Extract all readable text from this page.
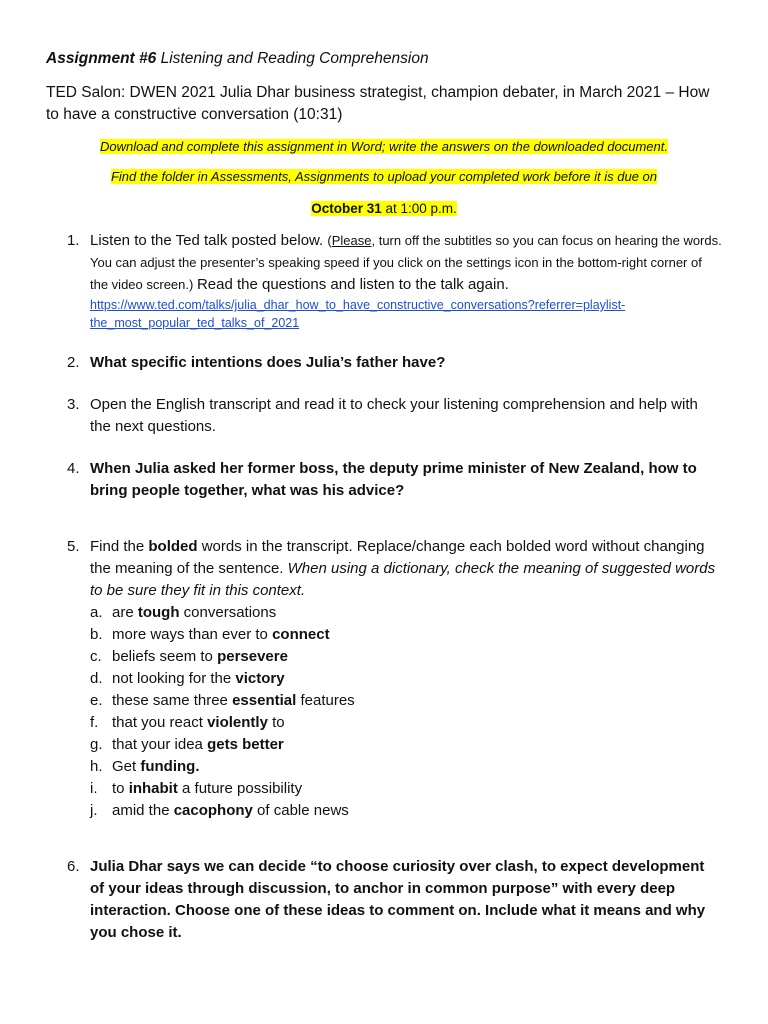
Assignment #6 Listening and Reading Comprehension

TED Salon: DWEN 2021 Julia Dhar business strategist, champion debater, in March 2021 – How to have a constructive conversation (10:31)

Download and complete this assignment in Word; write the answers on the downloaded document.

Find the folder in Assessments, Assignments to upload your completed work before it is due on

October 31 at 1:00 p.m.

1. Listen to the Ted talk posted below. (Please, turn off the subtitles so you can focus on hearing the words. You can adjust the presenter’s speaking speed if you click on the settings icon in the bottom-right corner of the video screen.) Read the questions and listen to the talk again.
https://www.ted.com/talks/julia_dhar_how_to_have_constructive_conversations?referrer=playlist-the_most_popular_ted_talks_of_2021
2. What specific intentions does Julia’s father have?
3. Open the English transcript and read it to check your listening comprehension and help with the next questions.
4. When Julia asked her former boss, the deputy prime minister of New Zealand, how to bring people together, what was his advice?
5. Find the bolded words in the transcript. Replace/change each bolded word without changing the meaning of the sentence. When using a dictionary, check the meaning of suggested words to be sure they fit in this context.
a. are tough conversations
b. more ways than ever to connect
c. beliefs seem to persevere
d. not looking for the victory
e. these same three essential features
f. that you react violently to
g. that your idea gets better
h. Get funding.
i. to inhabit a future possibility
j. amid the cacophony of cable news
6. Julia Dhar says we can decide “to choose curiosity over clash, to expect development of your ideas through discussion, to anchor in common purpose” with every deep interaction. Choose one of these ideas to comment on. Include what it means and why you chose it.
